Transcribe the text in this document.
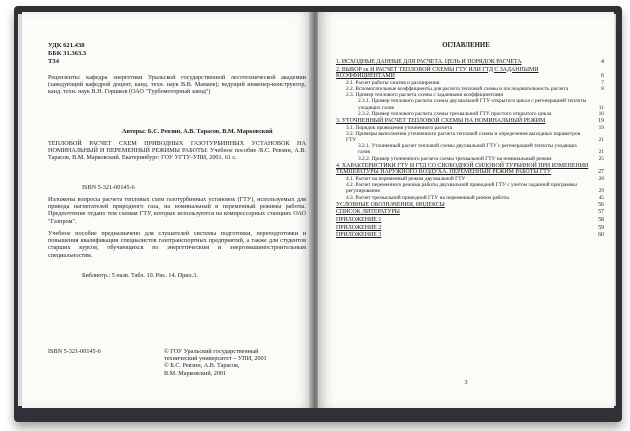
УДК 621.438
ББК 31.363.3
Т34
Рецензенты: кафедра энергетики Уральской государственной лесотехнической академии (заведующий кафедрой доцент, канд. техн. наук В.В. Мамаев); ведущий инженер-конструктор, канд. техн. наук В.Н. Горшков (ОАО "Турбомоторный завод")
Авторы: Б.С. Ревзин, А.В. Тарасов, В.М. Марковский
ТЕПЛОВОЙ РАСЧЕТ СХЕМ ПРИВОДНЫХ ГАЗОТУРБИННЫХ УСТАНОВОК НА НОМИНАЛЬНЫЙ И ПЕРЕМЕННЫЙ РЕЖИМЫ РАБОТЫ: Учебное пособие /Б.С. Ревзин, А.В. Тарасов, В.М. Марковский. Екатеринбург: ГОУ УГТУ-УПИ, 2001. 61 с.
ISBN 5-321-00145-6
Изложены вопросы расчета тепловых схем газотурбинных установок (ГТУ), используемых для привода нагнетателей природного газа, на номинальный и переменный режимы работы. Предпочтение отдано тем схемам ГТУ, которые используются на компрессорных станциях ОАО "Газпром".
Учебное пособие предназначено для слушателей системы подготовки, переподготовки и повышения квалификации специалистов газотранспортных предприятий, а также для студентов старших курсов, обучающихся по энергетическим и энергомашиностроительным специальностям.
Библиогр.: 5 назв. Табл. 10. Рис. 14. Прил.3.
ISBN 5-321-00145-6	© ГОУ Уральский государственный
технический университет – УПИ, 2001
© Б.С. Ревзин, А.В. Тарасов,
В.М. Марковский, 2001
ОГЛАВЛЕНИЕ
1. ИСХОДНЫЕ ДАННЫЕ ДЛЯ РАСЧЕТА. ЦЕЛЬ И ПОРЯДОК РАСЧЕТА	4
2. ВЫБОР εк И РАСЧЕТ ТЕПЛОВОЙ СХЕМЫ ГТУ ИЛИ ГТД С ЗАДАННЫМИ КОЭФФИЦИЕНТАМИ	6
2.1. Расчет работы сжатия и расширения	7
2.2. Вспомогательные коэффициенты для расчета тепловой схемы и последовательность расчета	8
2.3. Пример теплового расчета схемы с заданными коэффициентами
2.3.1. Пример теплового расчета схемы двухвальной ГТУ открытого цикла с регенерацией теплоты уходящих газов	11
2.3.2. Пример теплового расчета схемы трехвальной ГТУ простого открытого цикла	16
3. УТОЧНЕННЫЙ РАСЧЕТ ТЕПЛОВОЙ СХЕМЫ НА НОМИНАЛЬНЫЙ РЕЖИМ	19
3.1. Порядок проведения уточненного расчета	19
3.2. Примеры выполнения уточненного расчета тепловой схемы и определения выходных параметров ГТУ	21
3.2.1. Уточненный расчет тепловой схемы двухвальной ГТУ с регенерацией теплоты уходящих газов	21
3.2.2. Пример уточненного расчета схемы трехвальной ГТУ на номинальный режим	25
4. ХАРАКТЕРИСТИКИ ГТУ И ГТД СО СВОБОДНОЙ СИЛОВОЙ ТУРБИНОЙ ПРИ ИЗМЕНЕНИИ ТЕМПЕРАТУРЫ НАРУЖНОГО ВОЗДУХА. ПЕРЕМЕННЫЙ РЕЖИМ РАБОТЫ ГТУ	27
4.1. Расчет на переменный режим двухвальной ГТУ	28
4.2. Расчет переменного режима работы двухвальной приводной ГТУ с учетом заданной программы регулирования	29
4.3. Расчет трехвальной приводной ГТУ на переменный режим работы	45
УСЛОВНЫЕ ОБОЗНАЧЕНИЯ, ИНДЕКСЫ	56
СПИСОК ЛИТЕРАТУРЫ	57
ПРИЛОЖЕНИЕ 1	58
ПРИЛОЖЕНИЕ 2	59
ПРИЛОЖЕНИЕ 3	60
3
